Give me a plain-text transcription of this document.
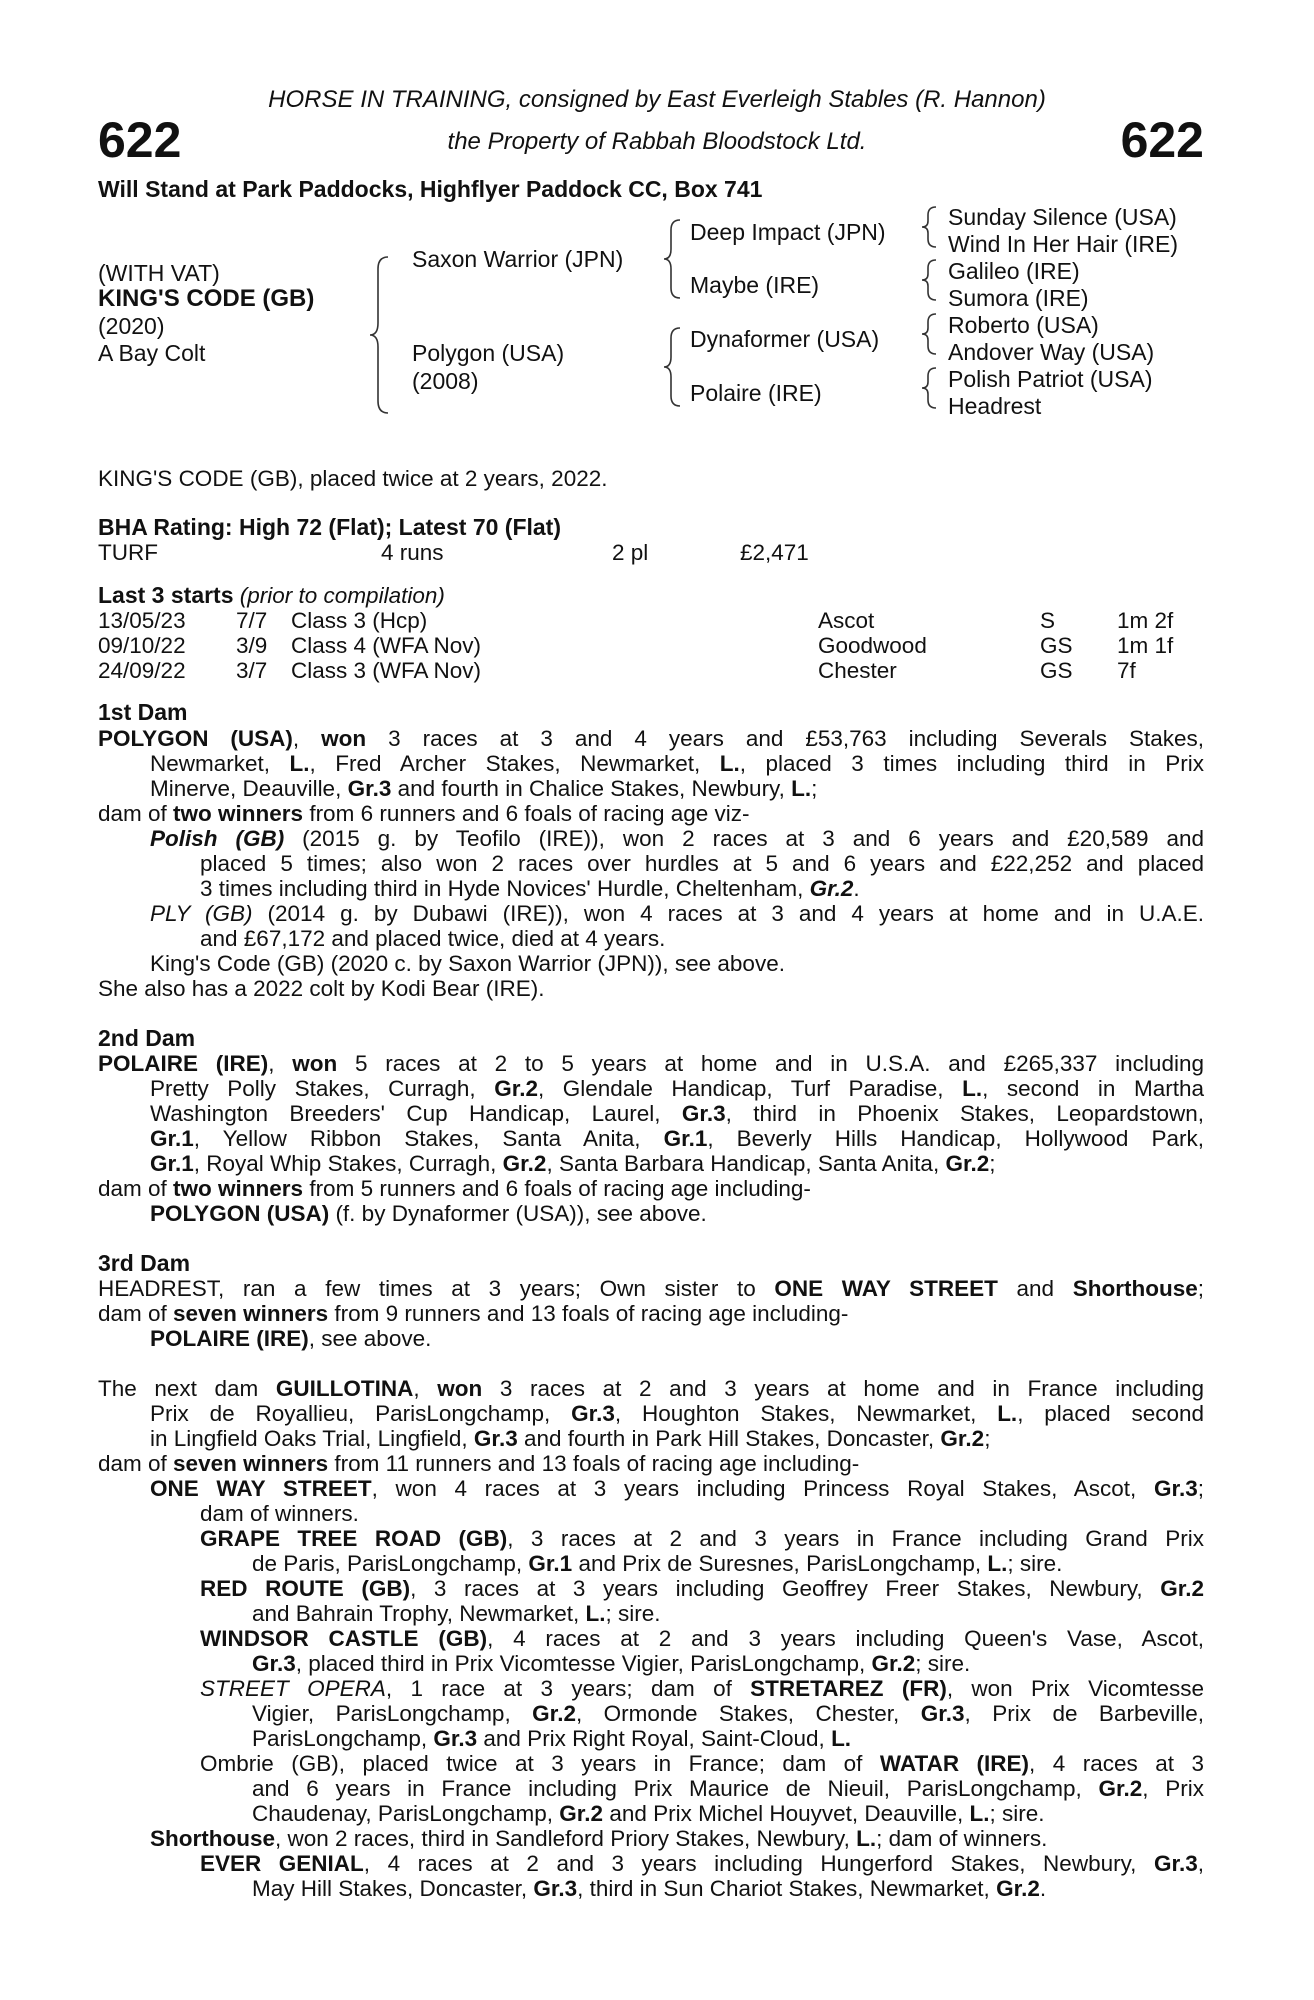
622	622
HORSE IN TRAINING, consigned by East Everleigh Stables (R. Hannon)
the Property of Rabbah Bloodstock Ltd.
Will Stand at Park Paddocks, Highflyer Paddock CC, Box 741
(WITH VAT)
KING'S CODE (GB)
(2020)
A Bay Colt
Saxon Warrior (JPN)
Polygon (USA)
(2008)
Deep Impact (JPN)
Maybe (IRE)
Dynaformer (USA)
Polaire (IRE)
Sunday Silence (USA)
Wind In Her Hair (IRE)
Galileo (IRE)
Sumora (IRE)
Roberto (USA)
Andover Way (USA)
Polish Patriot (USA)
Headrest
KING'S CODE (GB), placed twice at 2 years, 2022.
BHA Rating: High 72 (Flat); Latest 70 (Flat)
TURF	4 runs	2 pl	£2,471
Last 3 starts (prior to compilation)
13/05/23 7/7 Class 3 (Hcp)	Ascot	S	1m 2f
09/10/22 3/9 Class 4 (WFA Nov)	Goodwood	GS 1m 1f
24/09/22 3/7 Class 3 (WFA Nov)	Chester	GS 7f
1st Dam
POLYGON (USA), won 3 races at 3 and 4 years and £53,763 including Severals Stakes,
Newmarket, L., Fred Archer Stakes, Newmarket, L., placed 3 times including third in Prix
Minerve, Deauville, Gr.3 and fourth in Chalice Stakes, Newbury, L.;
dam of two winners from 6 runners and 6 foals of racing age viz-
Polish (GB) (2015 g. by Teofilo (IRE)), won 2 races at 3 and 6 years and £20,589 and
placed 5 times; also won 2 races over hurdles at 5 and 6 years and £22,252 and placed
3 times including third in Hyde Novices' Hurdle, Cheltenham, Gr.2.
PLY (GB) (2014 g. by Dubawi (IRE)), won 4 races at 3 and 4 years at home and in U.A.E.
and £67,172 and placed twice, died at 4 years.
King's Code (GB) (2020 c. by Saxon Warrior (JPN)), see above.
She also has a 2022 colt by Kodi Bear (IRE).
2nd Dam
POLAIRE (IRE), won 5 races at 2 to 5 years at home and in U.S.A. and £265,337 including
Pretty Polly Stakes, Curragh, Gr.2, Glendale Handicap, Turf Paradise, L., second in Martha
Washington Breeders' Cup Handicap, Laurel, Gr.3, third in Phoenix Stakes, Leopardstown,
Gr.1, Yellow Ribbon Stakes, Santa Anita, Gr.1, Beverly Hills Handicap, Hollywood Park,
Gr.1, Royal Whip Stakes, Curragh, Gr.2, Santa Barbara Handicap, Santa Anita, Gr.2;
dam of two winners from 5 runners and 6 foals of racing age including-
POLYGON (USA) (f. by Dynaformer (USA)), see above.
3rd Dam
HEADREST, ran a few times at 3 years; Own sister to ONE WAY STREET and Shorthouse;
dam of seven winners from 9 runners and 13 foals of racing age including-
POLAIRE (IRE), see above.
The next dam GUILLOTINA, won 3 races at 2 and 3 years at home and in France including
Prix de Royallieu, ParisLongchamp, Gr.3, Houghton Stakes, Newmarket, L., placed second
in Lingfield Oaks Trial, Lingfield, Gr.3 and fourth in Park Hill Stakes, Doncaster, Gr.2;
dam of seven winners from 11 runners and 13 foals of racing age including-
ONE WAY STREET, won 4 races at 3 years including Princess Royal Stakes, Ascot, Gr.3;
dam of winners.
GRAPE TREE ROAD (GB), 3 races at 2 and 3 years in France including Grand Prix
de Paris, ParisLongchamp, Gr.1 and Prix de Suresnes, ParisLongchamp, L.; sire.
RED ROUTE (GB), 3 races at 3 years including Geoffrey Freer Stakes, Newbury, Gr.2
and Bahrain Trophy, Newmarket, L.; sire.
WINDSOR CASTLE (GB), 4 races at 2 and 3 years including Queen's Vase, Ascot,
Gr.3, placed third in Prix Vicomtesse Vigier, ParisLongchamp, Gr.2; sire.
STREET OPERA, 1 race at 3 years; dam of STRETAREZ (FR), won Prix Vicomtesse
Vigier, ParisLongchamp, Gr.2, Ormonde Stakes, Chester, Gr.3, Prix de Barbeville,
ParisLongchamp, Gr.3 and Prix Right Royal, Saint-Cloud, L.
Ombrie (GB), placed twice at 3 years in France; dam of WATAR (IRE), 4 races at 3
and 6 years in France including Prix Maurice de Nieuil, ParisLongchamp, Gr.2, Prix
Chaudenay, ParisLongchamp, Gr.2 and Prix Michel Houyvet, Deauville, L.; sire.
Shorthouse, won 2 races, third in Sandleford Priory Stakes, Newbury, L.; dam of winners.
EVER GENIAL, 4 races at 2 and 3 years including Hungerford Stakes, Newbury, Gr.3,
May Hill Stakes, Doncaster, Gr.3, third in Sun Chariot Stakes, Newmarket, Gr.2.
